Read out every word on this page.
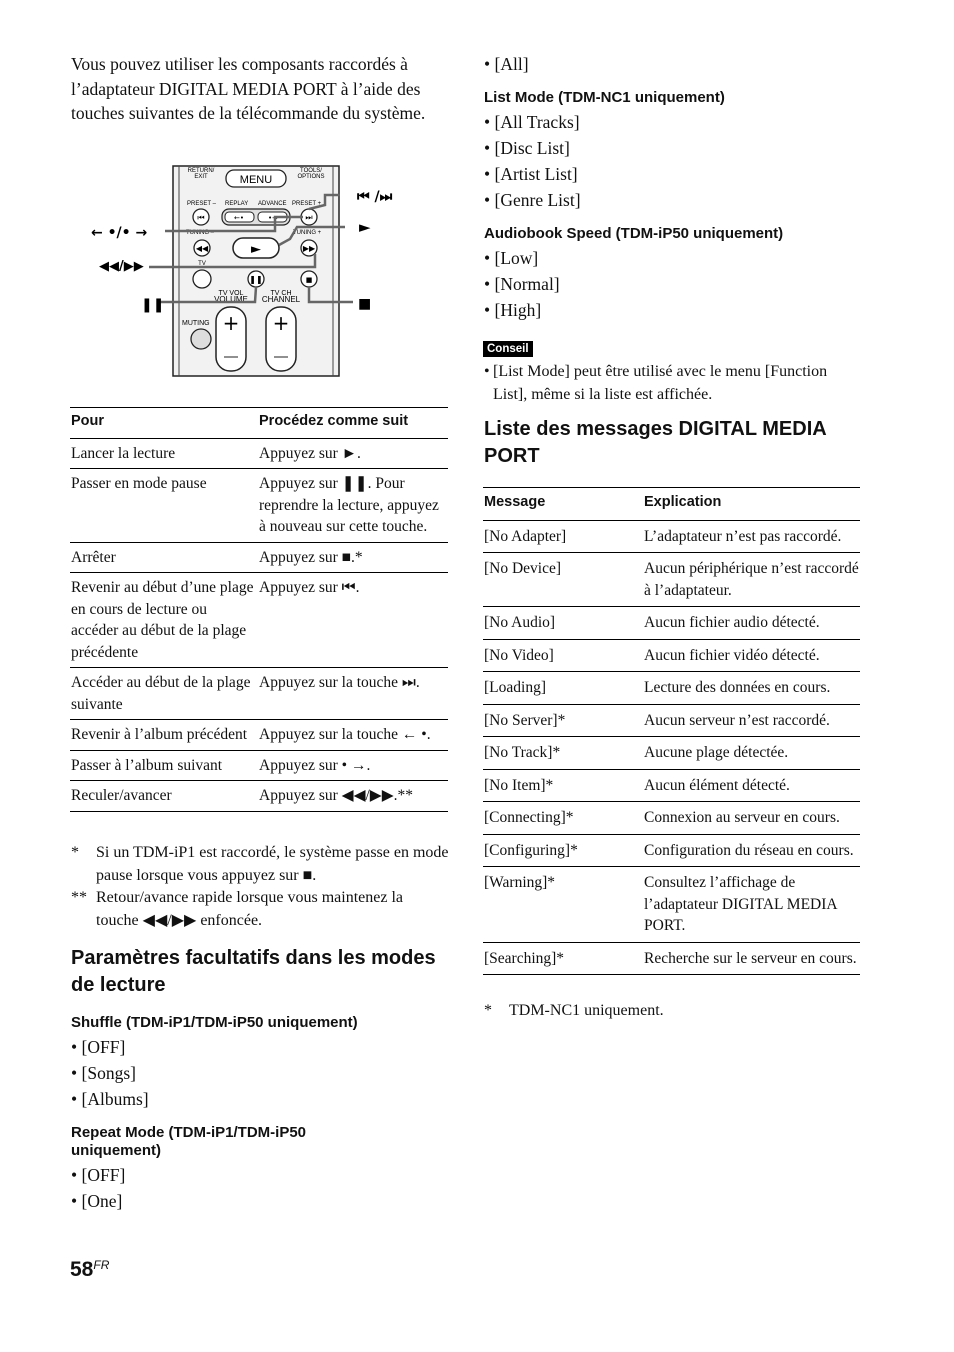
Vous pouvez utiliser les composants raccordés à l’adaptateur DIGITAL MEDIA PORT à l’aide des touches suivantes de la télécommande du système.
RETURN/
EXIT	MENU
TOOLS/
OPTIONS
PRESET – REPLAY ADVANCE PRESET +
⏮	←•	•→	⏭
TUNING –	TUNING +
◀◀	►	▶▶
TV
❚❚	■
TV VOL
VOLUME
TV CH
CHANNEL
MUTING + +
← •/• →
◀◀/▶▶
❚❚
⏮ /⏭
►
■
Pour	Procédez comme suit
Lancer la lecture	Appuyez sur ►.
Passer en mode pause	Appuyez sur ❚❚. Pour reprendre la lecture, appuyez à nouveau sur cette touche.
Arrêter	Appuyez sur ■.*
Revenir au début d’une plage en cours de lecture ou accéder au début de la plage précédente	Appuyez sur ⏮.
Accéder au début de la plage suivante	Appuyez sur la touche ⏭.
Revenir à l’album précédent	Appuyez sur la touche ← •.
Passer à l’album suivant	Appuyez sur • →.
Reculer/avancer	Appuyez sur ◀◀/▶▶.**
* Si un TDM-iP1 est raccordé, le système passe en mode pause lorsque vous appuyez sur ■.
** Retour/avance rapide lorsque vous maintenez la touche ◀◀/▶▶ enfoncée.
Paramètres facultatifs dans les modes de lecture
Shuffle (TDM-iP1/TDM-iP50 uniquement)
• [OFF]
• [Songs]
• [Albums]
Repeat Mode (TDM-iP1/TDM-iP50 uniquement)
• [OFF]
• [One]
• [All]
List Mode (TDM-NC1 uniquement)
• [All Tracks]
• [Disc List]
• [Artist List]
• [Genre List]
Audiobook Speed (TDM-iP50 uniquement)
• [Low]
• [Normal]
• [High]
Conseil
• [List Mode] peut être utilisé avec le menu [Function List], même si la liste est affichée.
Liste des messages DIGITAL MEDIA PORT
Message	Explication
[No Adapter]	L’adaptateur n’est pas raccordé.
[No Device]	Aucun périphérique n’est raccordé à l’adaptateur.
[No Audio]	Aucun fichier audio détecté.
[No Video]	Aucun fichier vidéo détecté.
[Loading]	Lecture des données en cours.
[No Server]*	Aucun serveur n’est raccordé.
[No Track]*	Aucune plage détectée.
[No Item]*	Aucun élément détecté.
[Connecting]*	Connexion au serveur en cours.
[Configuring]*	Configuration du réseau en cours.
[Warning]*	Consultez l’affichage de l’adaptateur DIGITAL MEDIA PORT.
[Searching]*	Recherche sur le serveur en cours.
* TDM-NC1 uniquement.
$58^{FR}$
